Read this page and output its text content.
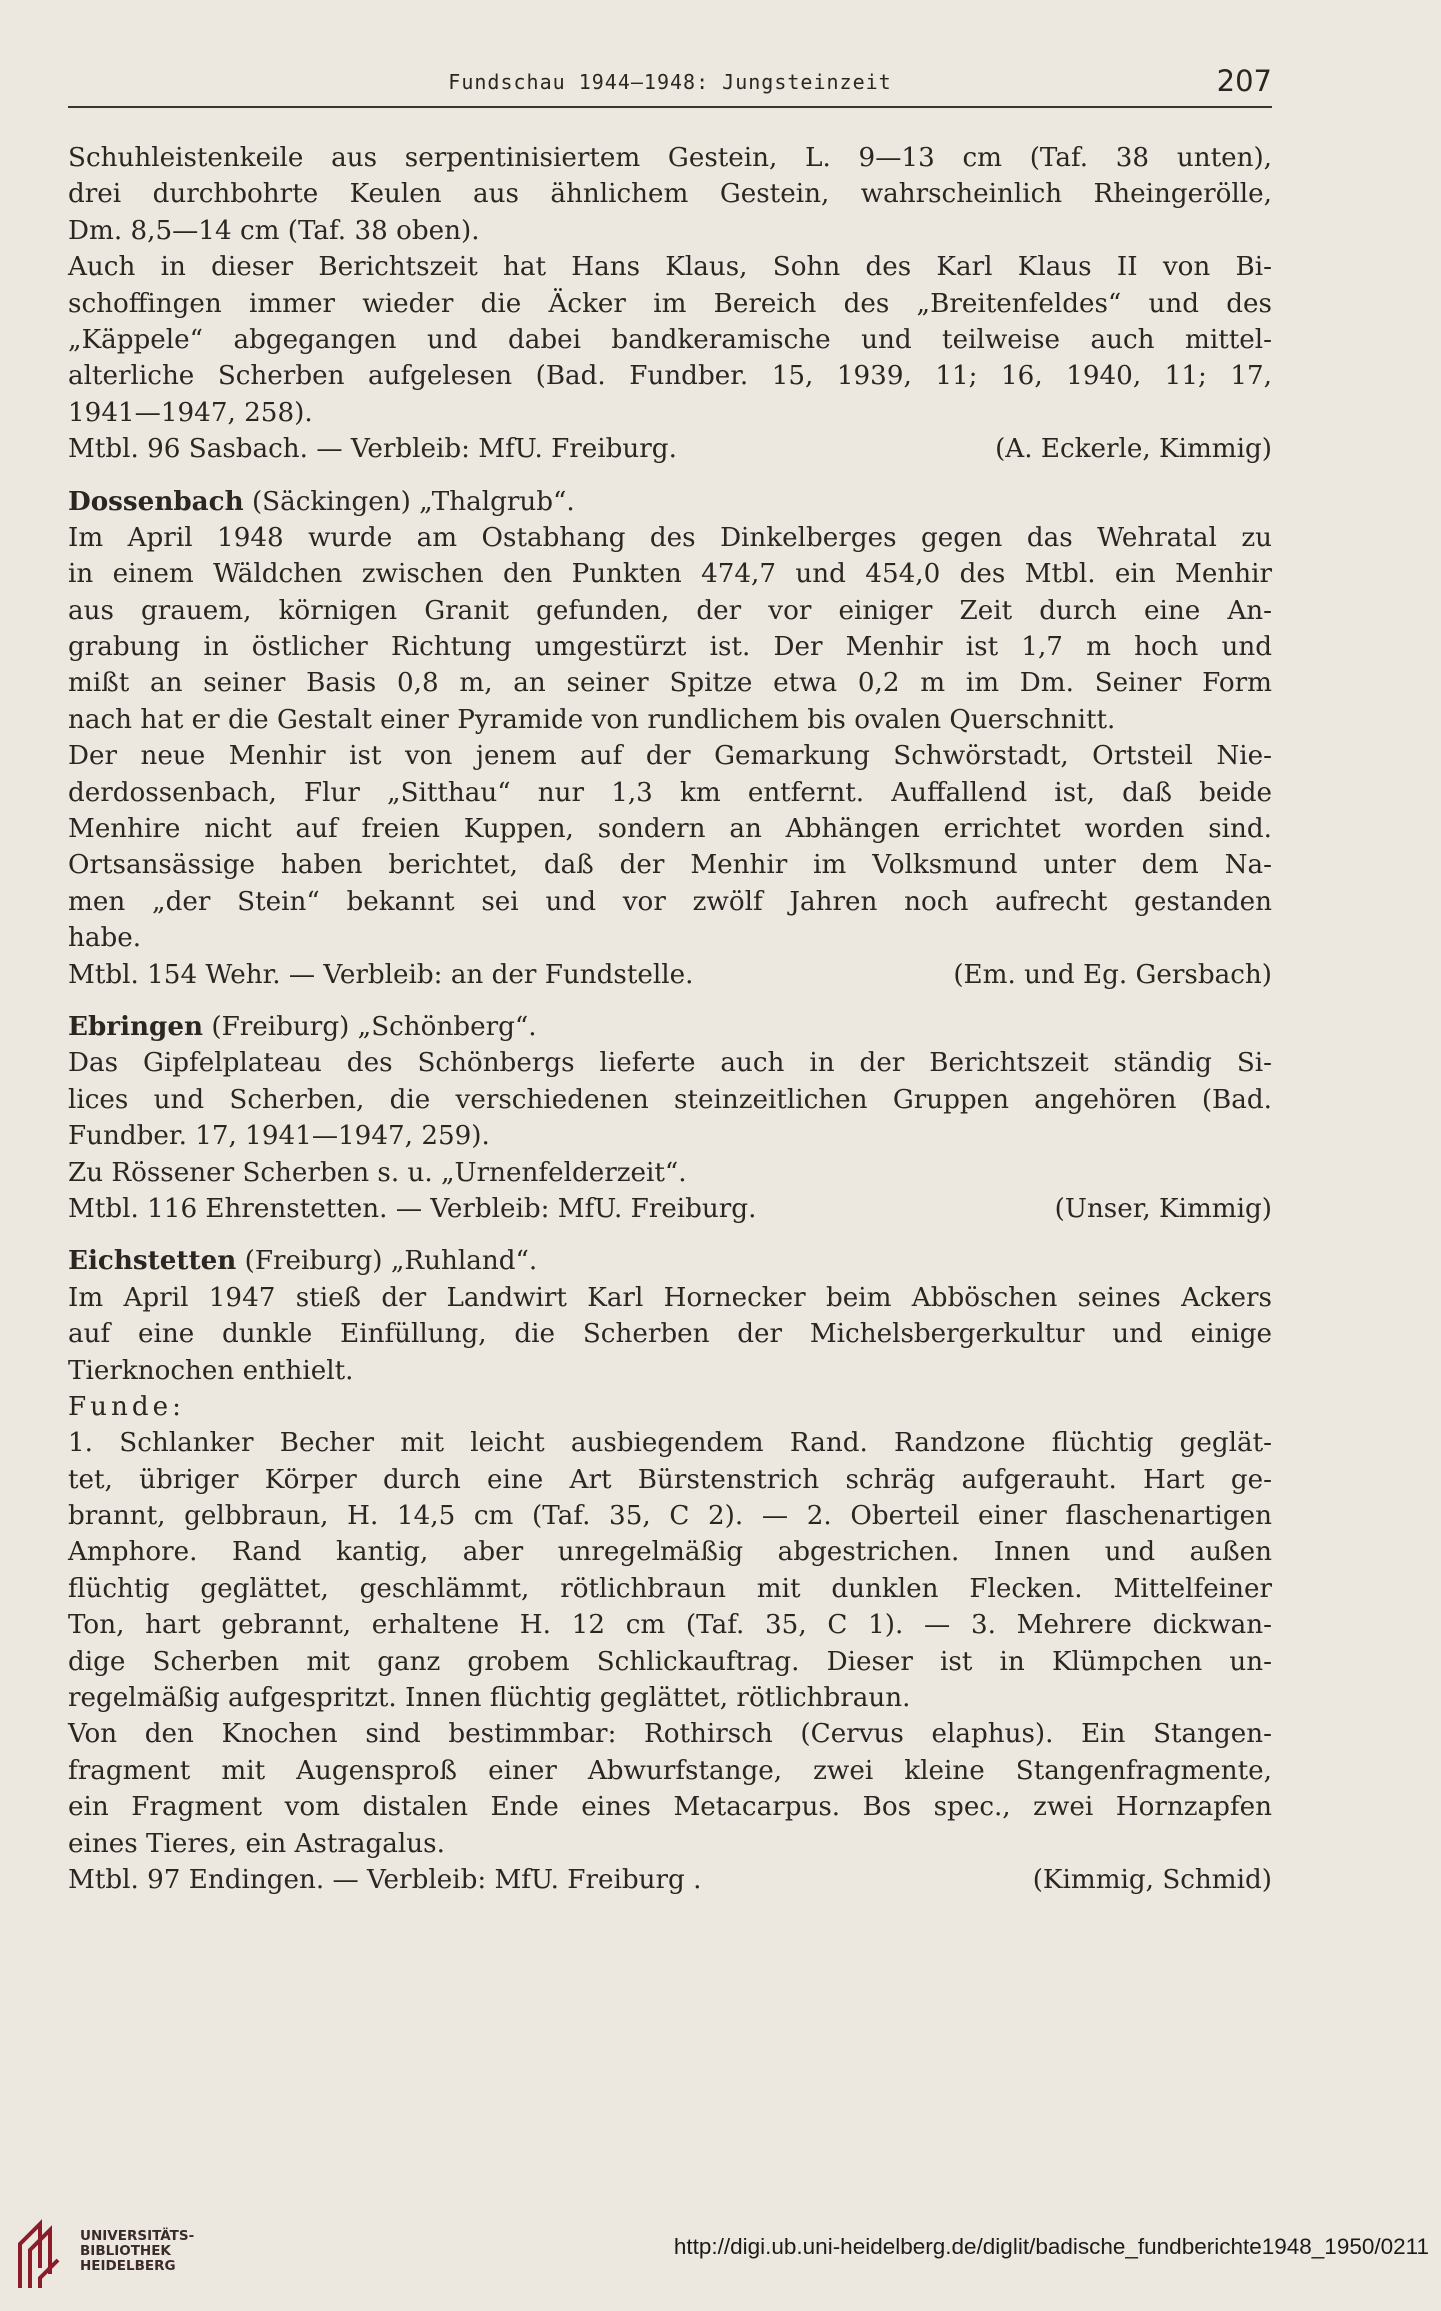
Fundschau 1944—1948: Jungsteinzeit	207
Schuhleistenkeile aus serpentinisiertem Gestein, L. 9—13 cm (Taf. 38 unten),
drei durchbohrte Keulen aus ähnlichem Gestein, wahrscheinlich Rheingerölle,
Dm. 8,5—14 cm (Taf. 38 oben).
Auch in dieser Berichtszeit hat Hans Klaus, Sohn des Karl Klaus II von Bi-
schoffingen immer wieder die Äcker im Bereich des „Breitenfeldes“ und des
„Käppele“ abgegangen und dabei bandkeramische und teilweise auch mittel-
alterliche Scherben aufgelesen (Bad. Fundber. 15, 1939, 11; 16, 1940, 11; 17,
1941—1947, 258).
Mtbl. 96 Sasbach. — Verbleib: MfU. Freiburg.	(A. Eckerle, Kimmig)
Dossenbach (Säckingen) „Thalgrub“.
Im April 1948 wurde am Ostabhang des Dinkelberges gegen das Wehratal zu
in einem Wäldchen zwischen den Punkten 474,7 und 454,0 des Mtbl. ein Menhir
aus grauem, körnigen Granit gefunden, der vor einiger Zeit durch eine An-
grabung in östlicher Richtung umgestürzt ist. Der Menhir ist 1,7 m hoch und
mißt an seiner Basis 0,8 m, an seiner Spitze etwa 0,2 m im Dm. Seiner Form
nach hat er die Gestalt einer Pyramide von rundlichem bis ovalen Querschnitt.
Der neue Menhir ist von jenem auf der Gemarkung Schwörstadt, Ortsteil Nie-
derdossenbach, Flur „Sitthau“ nur 1,3 km entfernt. Auffallend ist, daß beide
Menhire nicht auf freien Kuppen, sondern an Abhängen errichtet worden sind.
Ortsansässige haben berichtet, daß der Menhir im Volksmund unter dem Na-
men „der Stein“ bekannt sei und vor zwölf Jahren noch aufrecht gestanden
habe.
Mtbl. 154 Wehr. — Verbleib: an der Fundstelle.	(Em. und Eg. Gersbach)
Ebringen (Freiburg) „Schönberg“.
Das Gipfelplateau des Schönbergs lieferte auch in der Berichtszeit ständig Si-
lices und Scherben, die verschiedenen steinzeitlichen Gruppen angehören (Bad.
Fundber. 17, 1941—1947, 259).
Zu Rössener Scherben s. u. „Urnenfelderzeit“.
Mtbl. 116 Ehrenstetten. — Verbleib: MfU. Freiburg.	(Unser, Kimmig)
Eichstetten (Freiburg) „Ruhland“.
Im April 1947 stieß der Landwirt Karl Hornecker beim Abböschen seines Ackers
auf eine dunkle Einfüllung, die Scherben der Michelsbergerkultur und einige
Tierknochen enthielt.
Funde:
1. Schlanker Becher mit leicht ausbiegendem Rand. Randzone flüchtig geglät-
tet, übriger Körper durch eine Art Bürstenstrich schräg aufgerauht. Hart ge-
brannt, gelbbraun, H. 14,5 cm (Taf. 35, C 2). — 2. Oberteil einer flaschenartigen
Amphore. Rand kantig, aber unregelmäßig abgestrichen. Innen und außen
flüchtig geglättet, geschlämmt, rötlichbraun mit dunklen Flecken. Mittelfeiner
Ton, hart gebrannt, erhaltene H. 12 cm (Taf. 35, C 1). — 3. Mehrere dickwan-
dige Scherben mit ganz grobem Schlickauftrag. Dieser ist in Klümpchen un-
regelmäßig aufgespritzt. Innen flüchtig geglättet, rötlichbraun.
Von den Knochen sind bestimmbar: Rothirsch (Cervus elaphus). Ein Stangen-
fragment mit Augensproß einer Abwurfstange, zwei kleine Stangenfragmente,
ein Fragment vom distalen Ende eines Metacarpus. Bos spec., zwei Hornzapfen
eines Tieres, ein Astragalus.
Mtbl. 97 Endingen. — Verbleib: MfU. Freiburg .	(Kimmig, Schmid)
UNIVERSITÄTS-
BIBLIOTHEK
HEIDELBERG
http://digi.ub.uni-heidelberg.de/diglit/badische_fundberichte1948_1950/0211
